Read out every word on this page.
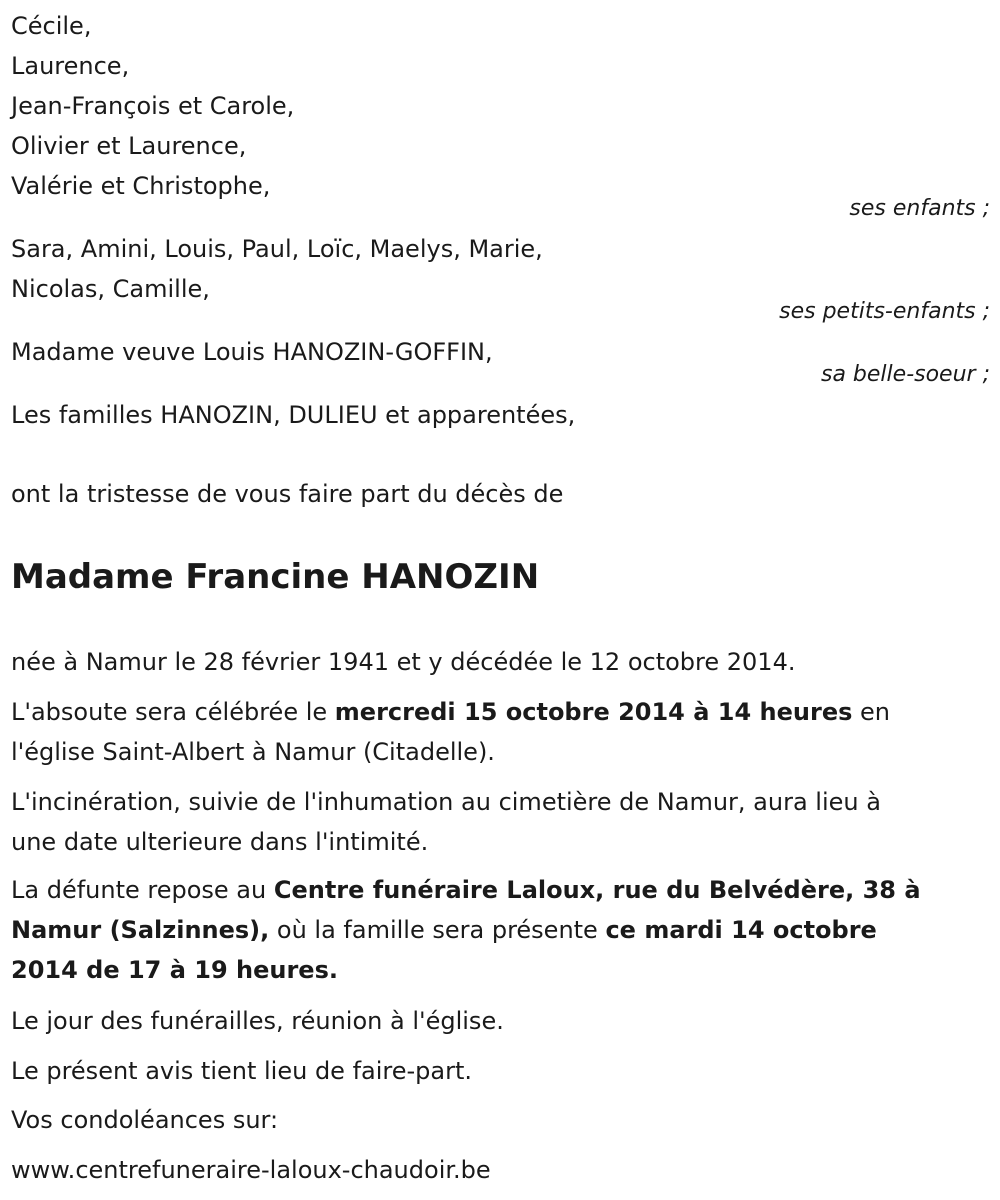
Cécile,
Laurence,
Jean-François et Carole,
Olivier et Laurence,
Valérie et Christophe,
ses enfants ;
Sara, Amini, Louis, Paul, Loïc, Maelys, Marie,
Nicolas, Camille,
ses petits-enfants ;
Madame veuve Louis HANOZIN-GOFFIN,
sa belle-soeur ;
Les familles HANOZIN, DULIEU et apparentées,
ont la tristesse de vous faire part du décès de
Madame Francine HANOZIN
née à Namur le 28 février 1941 et y décédée le 12 octobre 2014.
L'absoute sera célébrée le mercredi 15 octobre 2014 à 14 heures en
l'église Saint-Albert à Namur (Citadelle).
L'incinération, suivie de l'inhumation au cimetière de Namur, aura lieu à
une date ulterieure dans l'intimité.
La défunte repose au Centre funéraire Laloux, rue du Belvédère, 38 à
Namur (Salzinnes), où la famille sera présente ce mardi 14 octobre
2014 de 17 à 19 heures.
Le jour des funérailles, réunion à l'église.
Le présent avis tient lieu de faire-part.
Vos condoléances sur:
www.centrefuneraire-laloux-chaudoir.be
